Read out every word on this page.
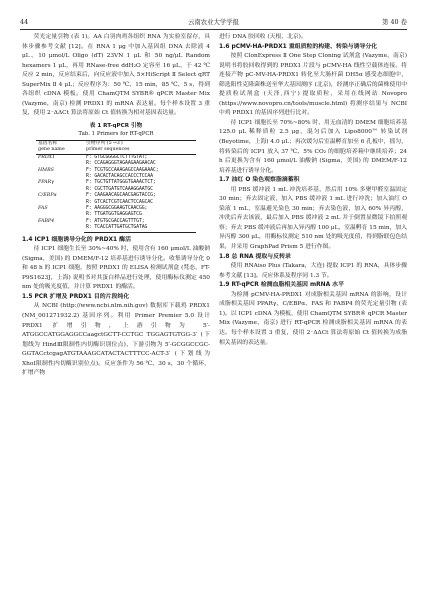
44	云南农业大学学报	第 40 卷

荧光定量引物 (表 1)。AA 白羽肉鸡各组织 RNA 为实验室留存，具体步骤参考文献 [12]。在 RNA 1 μg 中加入基因组 DNA 去除液 4 μL、10 μmol/L Oligo (dT) 23VN 1 μL 和 50 ng/μL Random hexamers 1 μL，再用 RNase-free ddH₂O 定容至 16 μL，于 42 ℃ 反应 2 min，反应结束后，向反应液中加入 5×HiScript Ⅱ Select qRT SuperMix Ⅱ 4 μL；反应程序为：50 ℃、15 min，85 ℃、5 s，得到各组织 cDNA 模板。使用 ChamQTM SYBR® qPCR Master Mix (Vazyme，南京) 检测 PRDX1 的 mRNA 表达量。每个样本设置 3 重复，使用 2⁻ΔΔCt 算法将原始 Ct 值转换为相对基因表达量。

表 1 RT-qPCR 引物
Tab. 1 Primers for RT-qPCR
基因名称
gene name	引物序列 (5′→3′)
primer sequences

PRDX1	F: GTGCGGGGCTCTTTGTAT;
	R: CCAGAGGGTAGAAGAAGAACAC
HMBS	F: TCGTGCCAAAGAGCCAAGAAAC;
	R: GACACTACAGCCACCCTCCAA
PPARγ	F: TGCTGTTATGGGTGAAACTCT;
	R: CGCTTGATGTCAAAGGAATGC
C/EBPα	F: CAAGAACAGCAACGAGTACCG;
	R: GTCACTCGTCAACTCCAGCAC
FAS	F: AAGGGCGGAAGTCAACGG;
	R: TTGATGGTGAGGAGTCG
FABP4	F: ATGTGCGACCAGTTTGT;
	R: TCACCATTGATGCTGATAG

1.4 ICP1 细胞诱导分化的 PRDX1 酶活

待 ICP1 细胞生长至 30%~40% 时，使用含有 160 μmol/L 油酸钠 (Sigma，美国) 的 DMEM/F-12 培养基进行诱导分化。收集诱导分化 0 和 48 h 的 ICP1 细胞，按照 PRDX1 的 ELISA 检测试剂盒 (梵态，FT-P9S1623J，上海) 说明书对其蛋白样品进行处理，使用酶标仪测定 450 nm 处的吸光度值，并计算 PRDX1 的酶活。

1.5 PCR 扩增及 PRDX1 目的片段纯化

从 NCBI (http://www.ncbi.nlm.nih.gov) 数据库下载鸡 PRDX1 (NM_001271932.2) 基因序列。利用 Primer Premier 5.0 设计 PRDX1 扩增引物，上游引物为 5′-ATGGCCATGGAGGCCaagctGCTT-CCTGC TGGAGTGTGG-3′ (下划线为 HindⅢ限制性内切酶识别位点)，下游引物为 5′-GCGGCCGC-GGTACctcgagATGTAAAGCATACTACTTTCC-ACT-3′ (下划线为 XhoⅠ限制性内切酶识别位点)。反应条件为 56 ℃、30 s，30 个循环，扩增产物

进行 DNA 胶回收 (天根，北京)。

1.6 pCMV-HA-PRDX1 重组质粒的构建、转染与诱导分化

按照 ClonExpress Ⅱ One Step Cloning 试剂盒 (Vazyme，南京) 说明书将胶回收得到的 PRDX1 片段与 pCMV-HA 线性空载体连接。将连接产物 pC-MV-HA-PRDX1 转化至大肠杆菌 DH5α 感受态细胞中，筛选阳性克隆菌株送至华大基因测序 (北京)，经测序正确后的菌株使用中提质粒试剂盒 (天泽,西宁) 提取质粒，采用在线网站 Novopro (https://www.novopro.cn/tools/muscle.html) 将测序结果与 NCBI 中鸡 PRDX1 的基因序列进行比对。

待 ICP1 细胞长至 70%~80% 时，用无血清的 DMEM 细胞培养基 125.0 μL 稀释质粒 2.5 μg，混匀后加入 Lipo8000™ 转染试剂 (Beyotime，上海) 4.0 μL；再次缓匀后室温孵育加至 6 孔板中，摇匀，将转染后的 ICP1 放入 37 ℃、5% CO₂ 的细胞培养箱中继续培养；24 h 后更换为含有 160 μmol/L 油酸钠 (Sigma，美国) 的 DMEM/F-12 培养基进行诱导分化。

1.7 油红 O 染色观察脂滴蓄积

用 PBS 缓冲液 1 mL 冲洗培养基，然后用 10% 多聚甲醛室温固定 30 min；弃去固定液，加入 PBS 缓冲液 1 mL 进行冲洗；加入油红 O 染液 1 mL，室温避光染色 30 min；弃去染色液，加入 60% 异丙醇，冲洗后弃去该液，最后加入 PBS 缓冲液 2 mL 并于倒置显微镜下拍照观察；弃去 PBS 缓冲液后再加入异丙醇 100 μL，室温孵育 15 min，加入异丙醇 300 μL，用酶标仪测定 510 nm 处的吸光度值，得到脂联包色结果，并采用 GraphPad Prism 5 进行作图。

1.8 总 RNA 提取与反转录

使用 RNAiso Plus (Takara，大连) 提取 ICP1 的 RNA，具体步骤参考文献 [13]。反应体系及程序同 1.3 节。

1.9 RT-qPCR 检测血脂相关基因 mRNA 水平

为检测 pCMV-HA-PRDX1 对成脂相关基因 mRNA 的影响，设计成脂相关基因 PPARγ、C/EBPα、FAS 和 FABP4 的荧光定量引物 (表 1)。以 ICP1 cDNA 为模板，使用 ChamQTM SYBR® qPCR Master Mix (Vazyme，南京) 进行 RT-qPCR 检测成脂相关基因 mRNA 的表达。每个样本设置 3 重复，使用 2⁻ΔΔCt 算法将原始 Ct 值转换为成脂相关基因的表达量。
